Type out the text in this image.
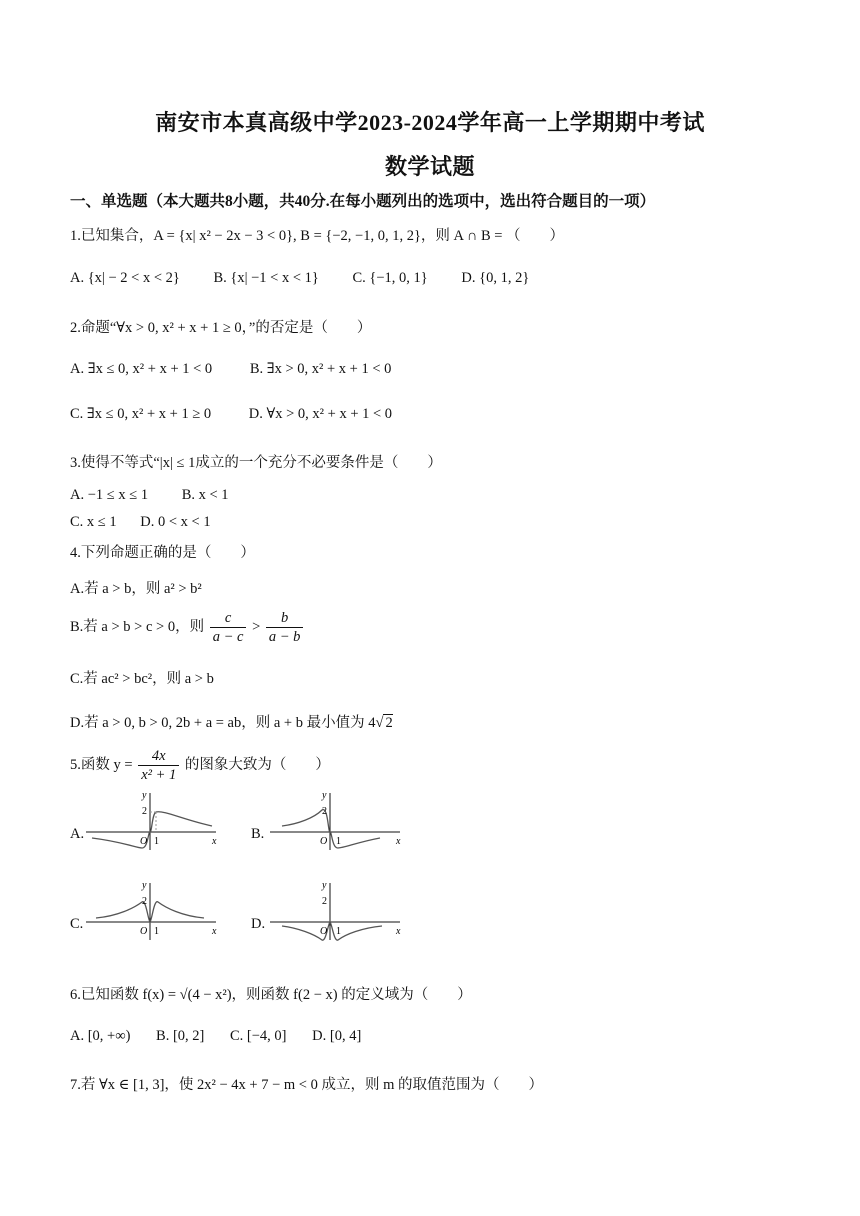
南安市本真高级中学2023-2024学年高一上学期期中考试
数学试题
一、单选题（本大题共8小题，共40分.在每小题列出的选项中，选出符合题目的一项）
1.已知集合，A = {x| x² − 2x − 3 < 0}, B = {−2, −1, 0, 1, 2}，则 A ∩ B = （　　）
A. {x| − 2 < x < 2} B. {x| −1 < x < 1} C. {−1, 0, 1} D. {0, 1, 2}
2.命题“∀x > 0, x² + x + 1 ≥ 0，”的否定是（　　）
A. ∃x ≤ 0, x² + x + 1 < 0	B. ∃x > 0, x² + x + 1 < 0
C. ∃x ≤ 0, x² + x + 1 ≥ 0	D. ∀x > 0, x² + x + 1 < 0
3.使得不等式“|x| ≤ 1成立的一个充分不必要条件是（　　）
A. −1 ≤ x ≤ 1 B. x < 1
C. x ≤ 1 D. 0 < x < 1
4.下列命题正确的是（　　）
A.若 a > b，则 a² > b²
B.若 a > b > c > 0，则 $\frac{c}{a - c} > \frac{b}{a - b}$
C.若 ac² > bc²，则 a > b
D.若 a > 0, b > 0, 2b + a = ab，则 a + b 最小值为 4√ 2
5.函数 $y = \frac{4x}{\text{x² + 1}}$ 的图象大致为（　　）
A.	B.
C.	D.
y
2
O 1	x
y
2
O 1	x
y
2
O 1	x
y
2
O 1	x
6.已知函数 f(x) = √(4 − x²)，则函数 f(2 − x) 的定义域为（　　）
A. [0, +∞) B. [0, 2] C. [−4, 0] D. [0, 4]
7.若 ∀x ∈ [1, 3]，使 2x² − 4x + 7 − m < 0 成立，则 m 的取值范围为（　　）
